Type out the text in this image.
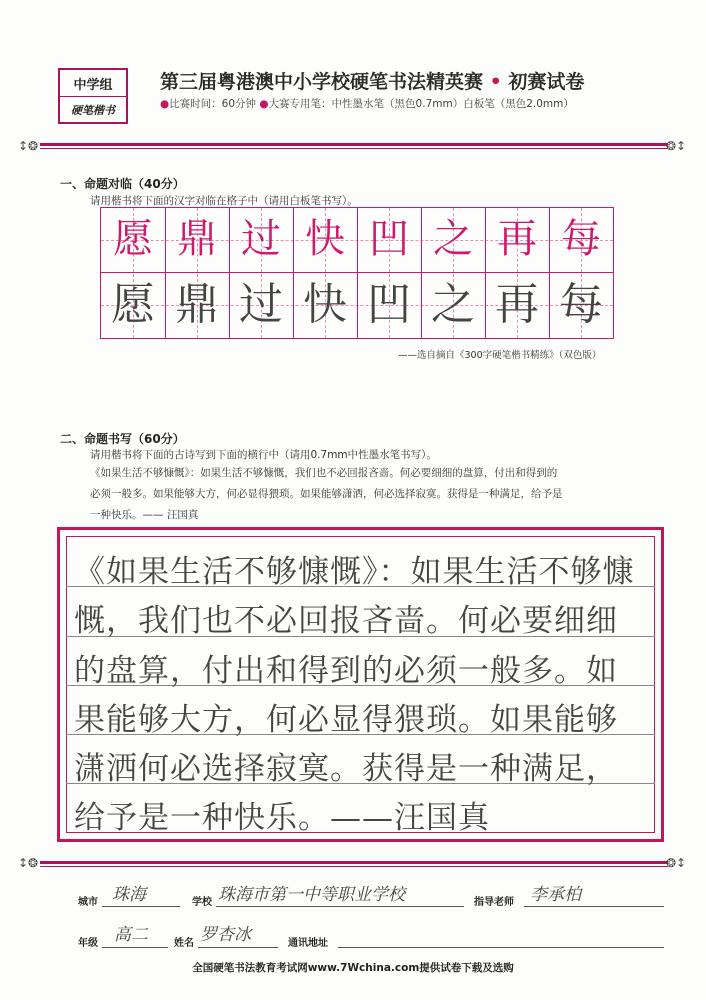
中学组
硬笔楷书
第三届粤港澳中小学校硬笔书法精英赛 • 初赛试卷
●比赛时间：60分钟 ●大赛专用笔：中性墨水笔（黑色0.7mm）白板笔（黑色2.0mm）
↕❂	❂↕
一、命题对临（40分）
请用楷书将下面的汉字对临在格子中（请用白板笔书写）。
愿 鼎 过 快 凹 之 再 每
愿 鼎 过 快 凹 之 再 每
——选自摘自《300字硬笔楷书精练》（双色版）
二、命题书写（60分）
请用楷书将下面的古诗写到下面的横行中（请用0.7mm中性墨水笔书写）。
《如果生活不够慷慨》：如果生活不够慷慨，我们也不必回报吝啬。何必要细细的盘算，付出和得到的
必须一般多。如果能够大方，何必显得猥琐。如果能够潇洒，何必选择寂寞。获得是一种满足，给予是
一种快乐。—— 汪国真
《如果生活不够慷慨》：如果生活不够慷
慨，我们也不必回报吝啬。何必要细细
的盘算，付出和得到的必须一般多。如
果能够大方，何必显得猥琐。如果能够
潇洒何必选择寂寞。获得是一种满足，
给予是一种快乐。——汪国真
↕❂	❂↕
城市 珠海	学校 珠海市第一中等职业学校	指导老师 李承柏
年级 高二	姓名 罗杏冰	通讯地址
全国硬笔书法教育考试网www.7Wchina.com提供试卷下载及选购
